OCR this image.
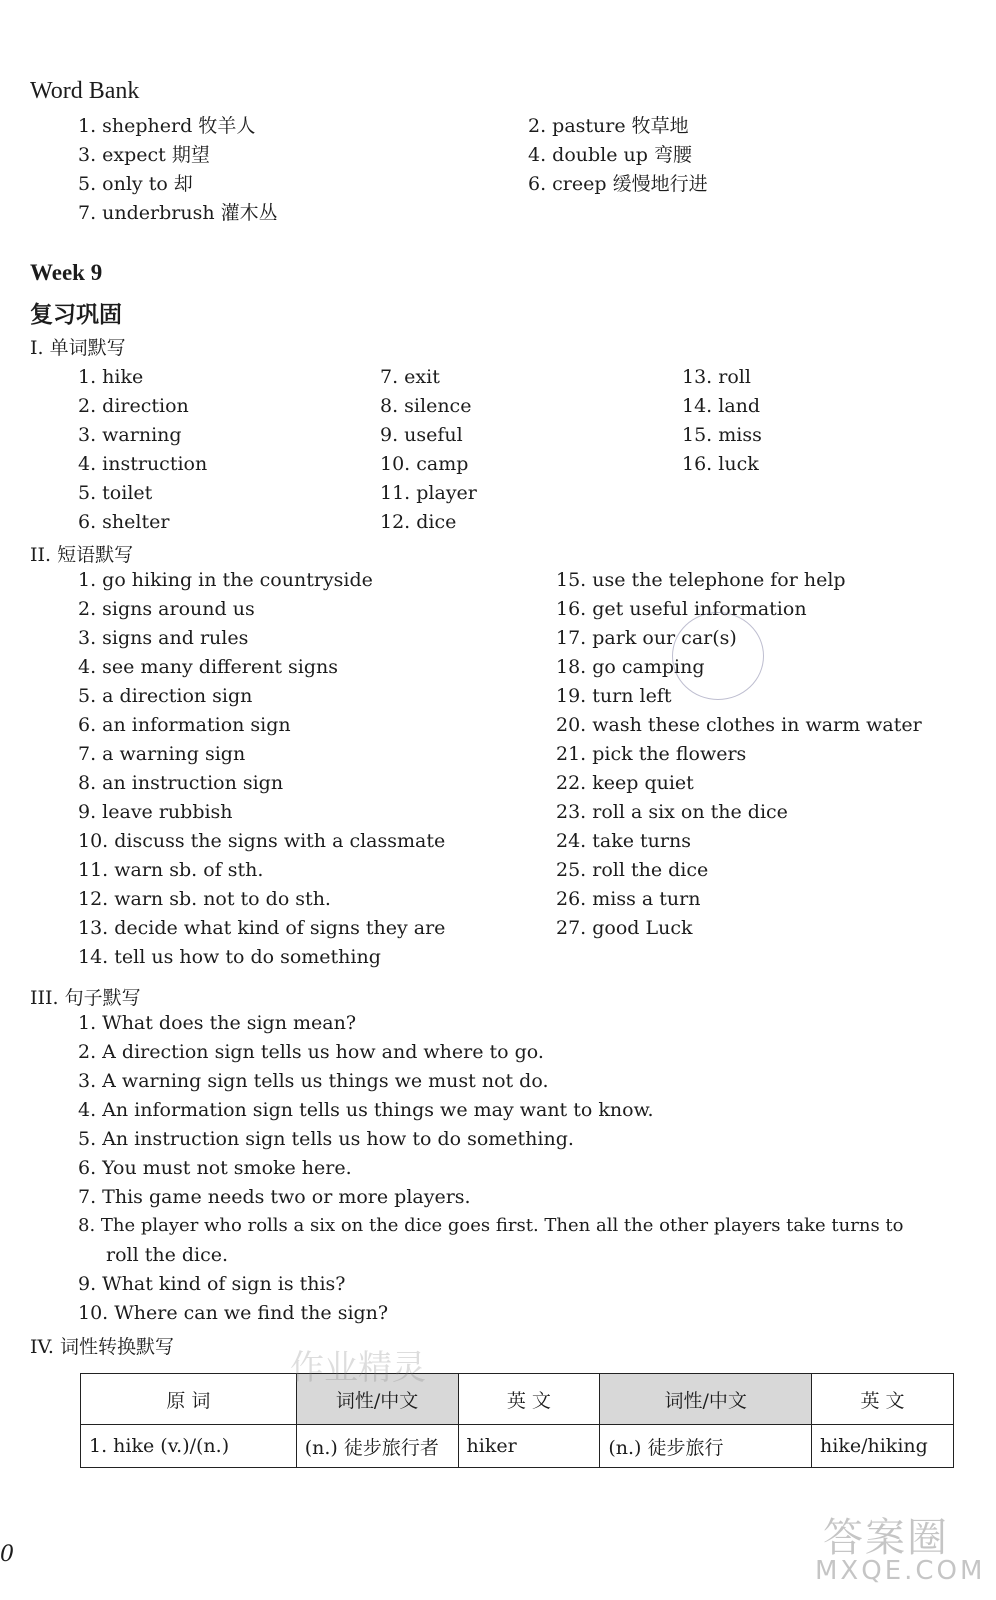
Word Bank
1. shepherd 牧羊人
3. expect 期望
5. only to 却
7. underbrush 灌木丛
2. pasture 牧草地
4. double up 弯腰
6. creep 缓慢地行进
Week 9
复习巩固
I. 单词默写
1. hike
2. direction
3. warning
4. instruction
5. toilet
6. shelter
7. exit
8. silence
9. useful
10. camp
11. player
12. dice
13. roll
14. land
15. miss
16. luck
II. 短语默写
1. go hiking in the countryside
2. signs around us
3. signs and rules
4. see many different signs
5. a direction sign
6. an information sign
7. a warning sign
8. an instruction sign
9. leave rubbish
10. discuss the signs with a classmate
11. warn sb. of sth.
12. warn sb. not to do sth.
13. decide what kind of signs they are
14. tell us how to do something
15. use the telephone for help
16. get useful information
17. park our car(s)
18. go camping
19. turn left
20. wash these clothes in warm water
21. pick the flowers
22. keep quiet
23. roll a six on the dice
24. take turns
25. roll the dice
26. miss a turn
27. good Luck
III. 句子默写
1. What does the sign mean?
2. A direction sign tells us how and where to go.
3. A warning sign tells us things we must not do.
4. An information sign tells us things we may want to know.
5. An instruction sign tells us how to do something.
6. You must not smoke here.
7. This game needs two or more players.
8. The player who rolls a six on the dice goes first. Then all the other players take turns to
roll the dice.
9. What kind of sign is this?
10. Where can we find the sign?
IV. 词性转换默写
原 词	词性/中文	英 文	词性/中文	英 文
1. hike (v.)/(n.)	(n.) 徒步旅行者	hiker	(n.) 徒步旅行	hike/hiking
作业精灵
答案圈
MXQE.COM
0
